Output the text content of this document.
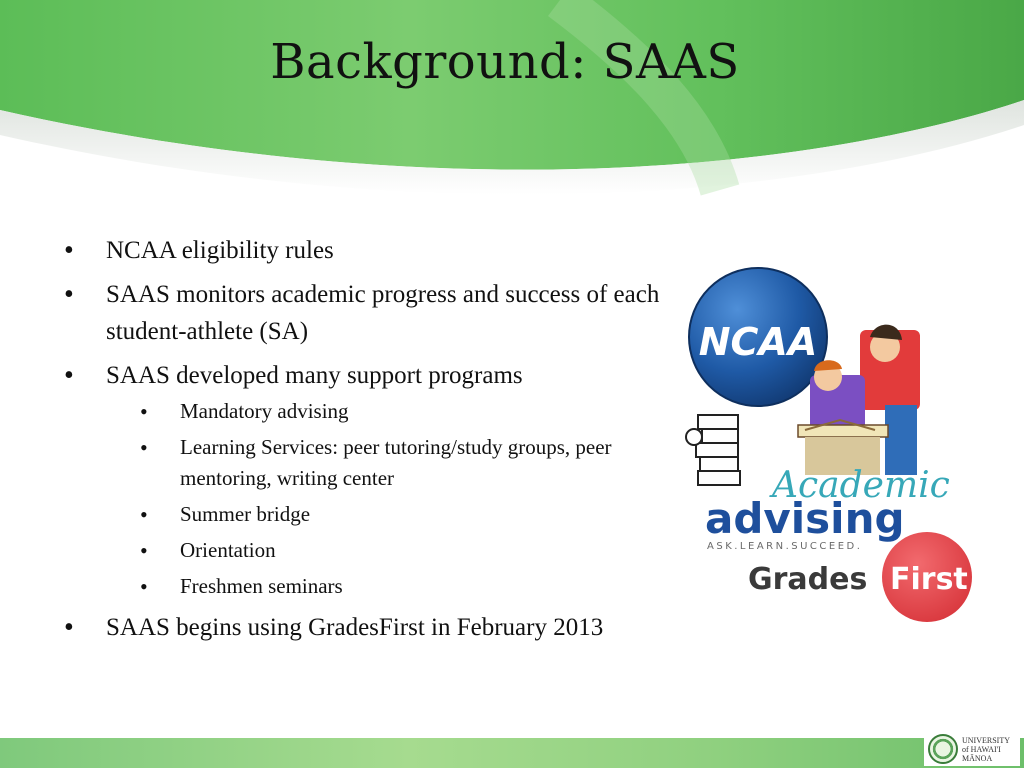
Background: SAAS
• NCAA eligibility rules
• SAAS monitors academic progress and success of each student-athlete (SA)
• SAAS developed many support programs
• Mandatory advising
• Learning Services: peer tutoring/study groups, peer mentoring, writing center
• Summer bridge
• Orientation
• Freshmen seminars
• SAAS begins using GradesFirst in February 2013
NCAA
Academic
advising
ASK.LEARN.SUCCEED.
Grades First
UNIVERSITY
of HAWAI'I
MĀNOA
